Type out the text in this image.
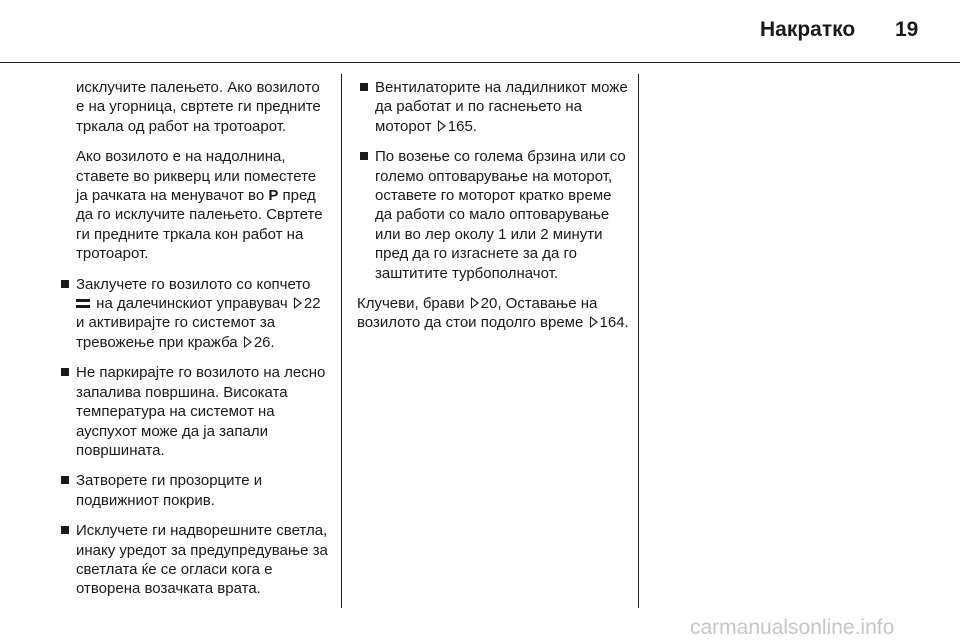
Накратко 19

исклучите палењето. Ако возилото е на угорница, свртете ги предните тркала од работ на тротоарот.

Ако возилото е на надолнина, ставете во рикверц или поместете ја рачката на менувачот во P пред да го исклучите палењето. Свртете ги предните тркала кон работ на тротоарот.

Заклучете го возилото со копчето  на далечинскиот управувач 22 и активирајте го системот за тревожење при кражба 26.
Не паркирајте го возилото на лесно запалива површина. Високата температура на системот на ауспухот може да ја запали површината.
Затворете ги прозорците и подвижниот покрив.
Исклучете ги надворешните светла, инаку уредот за предупредување за светлата ќе се огласи кога е отворена возачката врата.
Вентилаторите на ладилникот може да работат и по гаснењето на моторот 165.
По возење со голема брзина или со големо оптоварување на моторот, оставете го моторот кратко време да работи со мало оптоварување или во лер околу 1 или 2 минути пред да го изгаснете за да го заштитите турбополначот.

Клучеви, брави 20, Оставање на возилото да стои подолго време 164.

carmanualsonline.info
